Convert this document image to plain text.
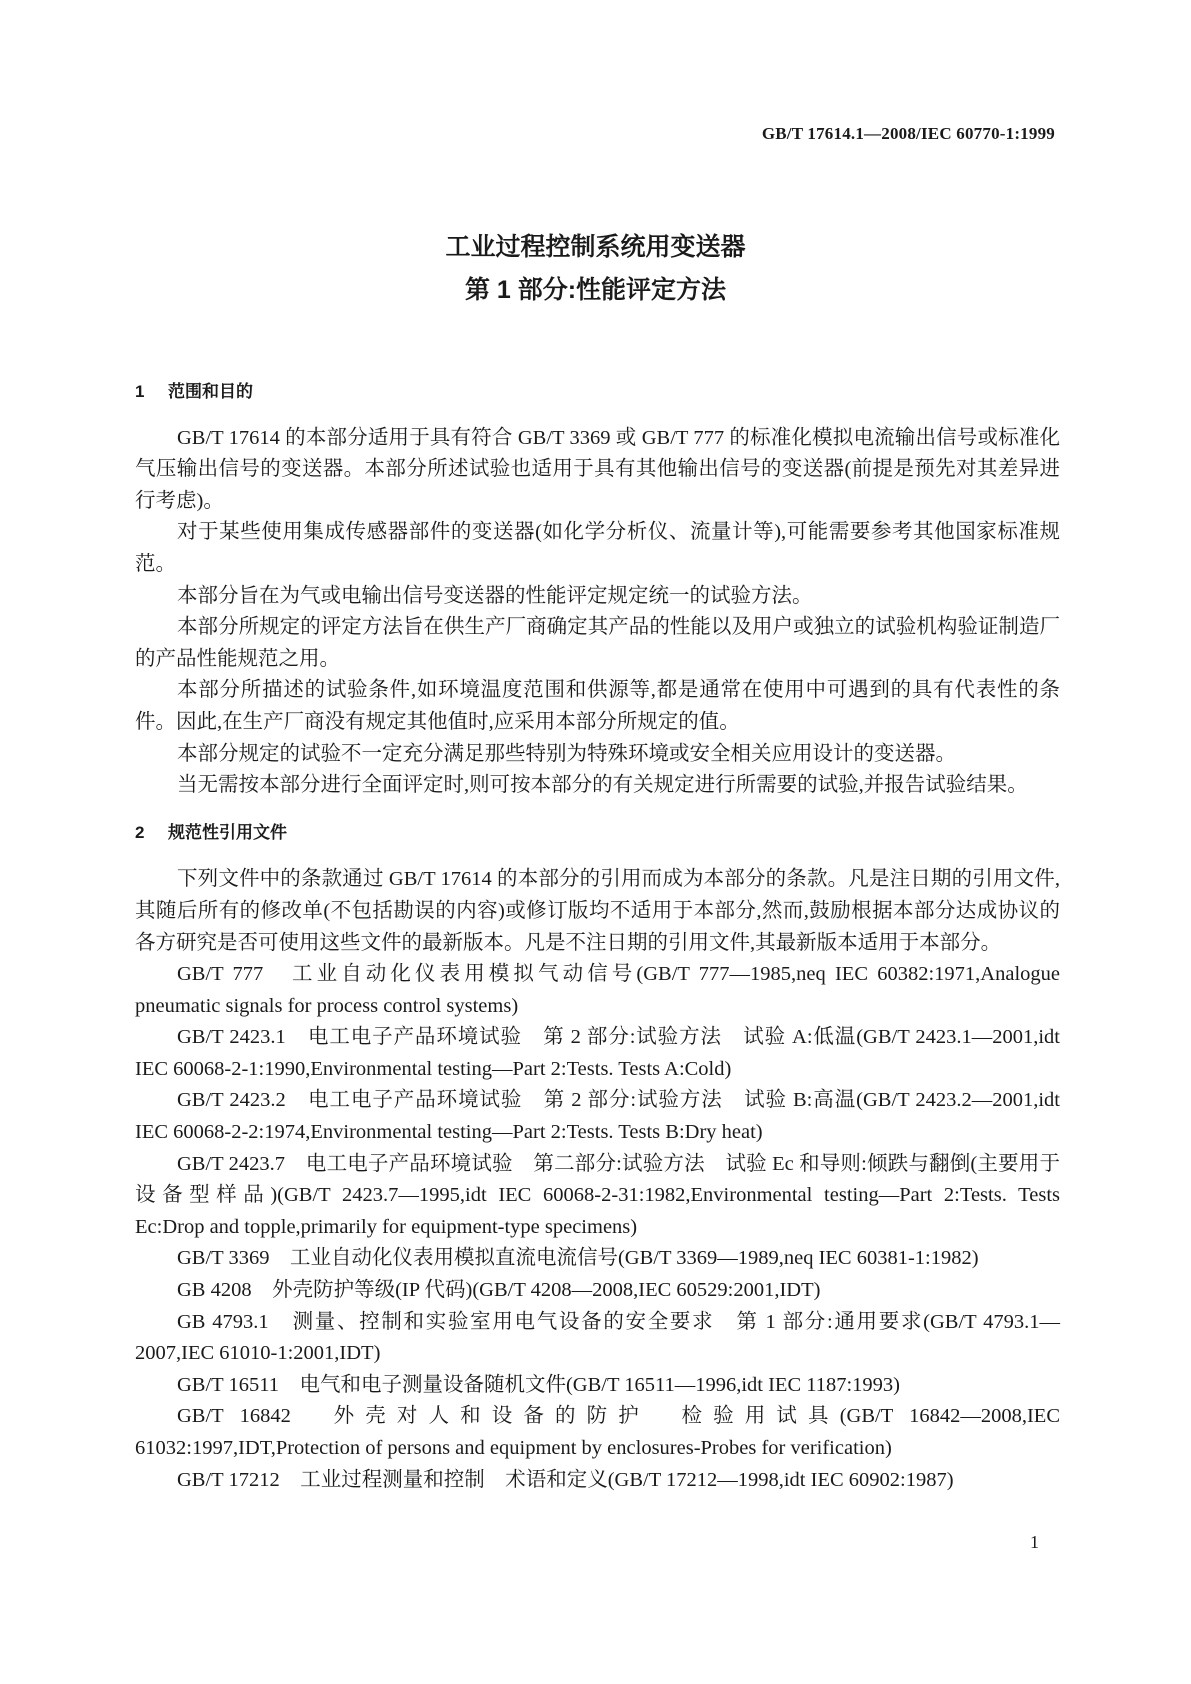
GB/T 17614.1—2008/IEC 60770-1:1999
工业过程控制系统用变送器
第 1 部分:性能评定方法
1	范围和目的

GB/T 17614 的本部分适用于具有符合 GB/T 3369 或 GB/T 777 的标准化模拟电流输出信号或标准化气压输出信号的变送器。本部分所述试验也适用于具有其他输出信号的变送器(前提是预先对其差异进行考虑)。

对于某些使用集成传感器部件的变送器(如化学分析仪、流量计等),可能需要参考其他国家标准规范。

本部分旨在为气或电输出信号变送器的性能评定规定统一的试验方法。

本部分所规定的评定方法旨在供生产厂商确定其产品的性能以及用户或独立的试验机构验证制造厂的产品性能规范之用。

本部分所描述的试验条件,如环境温度范围和供源等,都是通常在使用中可遇到的具有代表性的条件。因此,在生产厂商没有规定其他值时,应采用本部分所规定的值。

本部分规定的试验不一定充分满足那些特别为特殊环境或安全相关应用设计的变送器。

当无需按本部分进行全面评定时,则可按本部分的有关规定进行所需要的试验,并报告试验结果。

2	规范性引用文件

下列文件中的条款通过 GB/T 17614 的本部分的引用而成为本部分的条款。凡是注日期的引用文件,其随后所有的修改单(不包括勘误的内容)或修订版均不适用于本部分,然而,鼓励根据本部分达成协议的各方研究是否可使用这些文件的最新版本。凡是不注日期的引用文件,其最新版本适用于本部分。

GB/T 777　工业自动化仪表用模拟气动信号(GB/T 777—1985,neq IEC 60382:1971,Analogue pneumatic signals for process control systems)

GB/T 2423.1　电工电子产品环境试验　第 2 部分:试验方法　试验 A:低温(GB/T 2423.1—2001,idt IEC 60068-2-1:1990,Environmental testing—Part 2:Tests. Tests A:Cold)

GB/T 2423.2　电工电子产品环境试验　第 2 部分:试验方法　试验 B:高温(GB/T 2423.2—2001,idt IEC 60068-2-2:1974,Environmental testing—Part 2:Tests. Tests B:Dry heat)

GB/T 2423.7　电工电子产品环境试验　第二部分:试验方法　试验 Ec 和导则:倾跌与翻倒(主要用于设备型样品)(GB/T 2423.7—1995,idt IEC 60068-2-31:1982,Environmental testing—Part 2:Tests. Tests Ec:Drop and topple,primarily for equipment-type specimens)

GB/T 3369　工业自动化仪表用模拟直流电流信号(GB/T 3369—1989,neq IEC 60381-1:1982)

GB 4208　外壳防护等级(IP 代码)(GB/T 4208—2008,IEC 60529:2001,IDT)

GB 4793.1　测量、控制和实验室用电气设备的安全要求　第 1 部分:通用要求(GB/T 4793.1—2007,IEC 61010-1:2001,IDT)

GB/T 16511　电气和电子测量设备随机文件(GB/T 16511—1996,idt IEC 1187:1993)

GB/T 16842　外壳对人和设备的防护　检验用试具(GB/T 16842—2008,IEC 61032:1997,IDT,Protection of persons and equipment by enclosures-Probes for verification)

GB/T 17212　工业过程测量和控制　术语和定义(GB/T 17212—1998,idt IEC 60902:1987)

1
